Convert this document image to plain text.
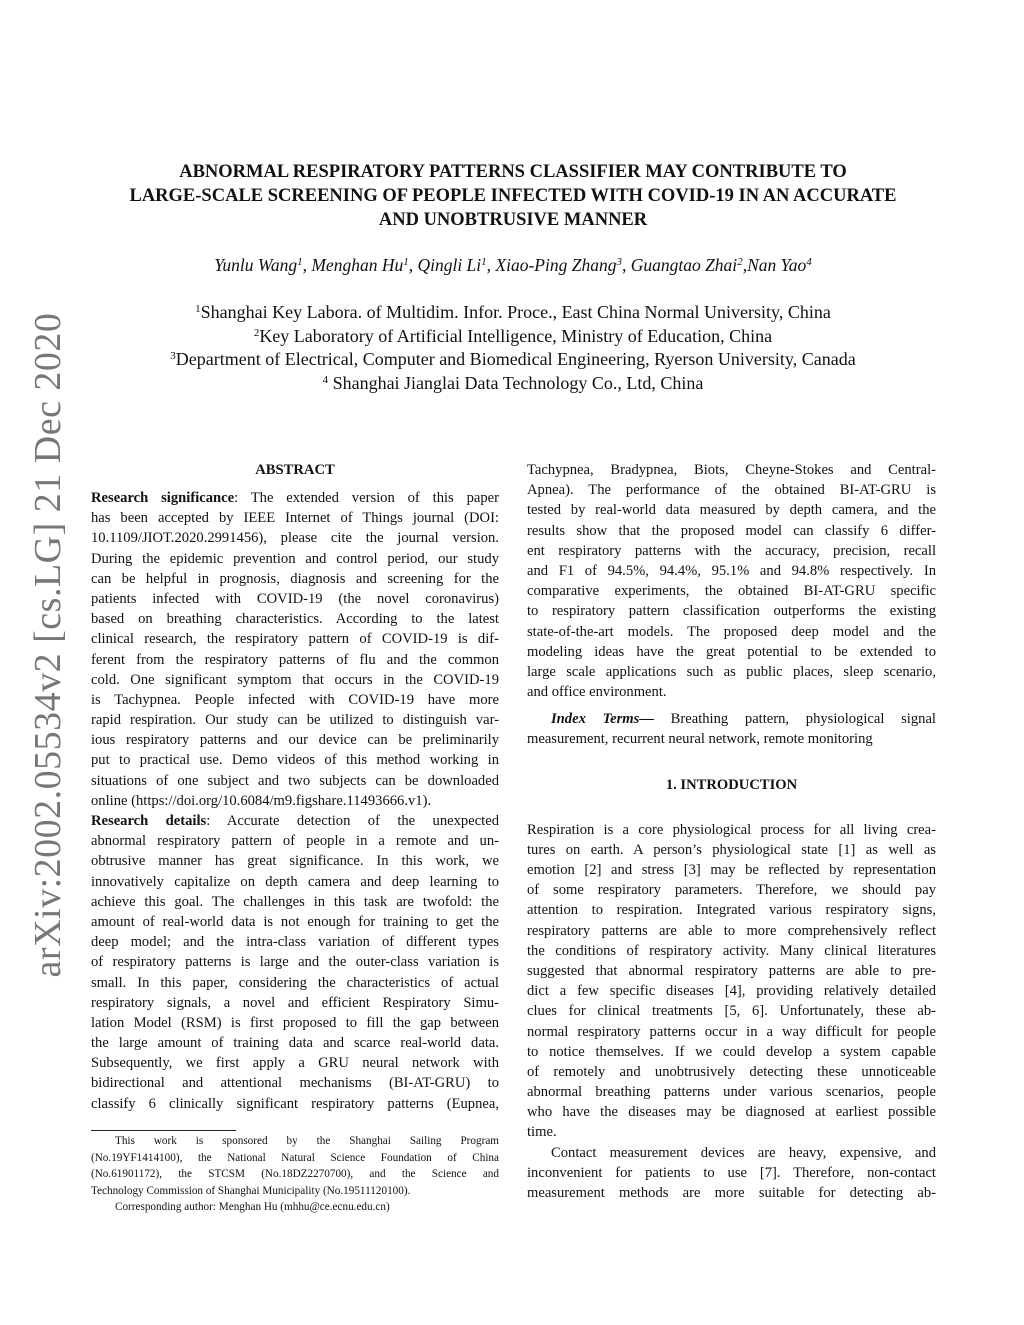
arXiv:2002.05534v2 [cs.LG] 21 Dec 2020
ABNORMAL RESPIRATORY PATTERNS CLASSIFIER MAY CONTRIBUTE TO
LARGE-SCALE SCREENING OF PEOPLE INFECTED WITH COVID-19 IN AN ACCURATE
AND UNOBTRUSIVE MANNER
Yunlu Wang$^1$, Menghan Hu$^1$, Qingli Li$^1$, Xiao-Ping Zhang$^3$, Guangtao Zhai$^2$,Nan Yao$^4$
$^1$Shanghai Key Labora. of Multidim. Infor. Proce., East China Normal University, China
$^2$Key Laboratory of Artificial Intelligence, Ministry of Education, China
$^3$Department of Electrical, Computer and Biomedical Engineering, Ryerson University, Canada
$^4$ Shanghai Jianglai Data Technology Co., Ltd, China
ABSTRACT
Research significance: The extended version of this paper
has been accepted by IEEE Internet of Things journal (DOI:
10.1109/JIOT.2020.2991456), please cite the journal version.
During the epidemic prevention and control period, our study
can be helpful in prognosis, diagnosis and screening for the
patients infected with COVID-19 (the novel coronavirus)
based on breathing characteristics. According to the latest
clinical research, the respiratory pattern of COVID-19 is dif-
ferent from the respiratory patterns of flu and the common
cold. One significant symptom that occurs in the COVID-19
is Tachypnea. People infected with COVID-19 have more
rapid respiration. Our study can be utilized to distinguish var-
ious respiratory patterns and our device can be preliminarily
put to practical use. Demo videos of this method working in
situations of one subject and two subjects can be downloaded
online (https://doi.org/10.6084/m9.figshare.11493666.v1).
Research details: Accurate detection of the unexpected
abnormal respiratory pattern of people in a remote and un-
obtrusive manner has great significance. In this work, we
innovatively capitalize on depth camera and deep learning to
achieve this goal. The challenges in this task are twofold: the
amount of real-world data is not enough for training to get the
deep model; and the intra-class variation of different types
of respiratory patterns is large and the outer-class variation is
small. In this paper, considering the characteristics of actual
respiratory signals, a novel and efficient Respiratory Simu-
lation Model (RSM) is first proposed to fill the gap between
the large amount of training data and scarce real-world data.
Subsequently, we first apply a GRU neural network with
bidirectional and attentional mechanisms (BI-AT-GRU) to
classify 6 clinically significant respiratory patterns (Eupnea,
This work is sponsored by the Shanghai Sailing Program
(No.19YF1414100), the National Natural Science Foundation of China
(No.61901172), the STCSM (No.18DZ2270700), and the Science and
Technology Commission of Shanghai Municipality (No.19511120100).
Corresponding author: Menghan Hu (mhhu@ce.ecnu.edu.cn)
Tachypnea, Bradypnea, Biots, Cheyne-Stokes and Central-
Apnea). The performance of the obtained BI-AT-GRU is
tested by real-world data measured by depth camera, and the
results show that the proposed model can classify 6 differ-
ent respiratory patterns with the accuracy, precision, recall
and F1 of 94.5%, 94.4%, 95.1% and 94.8% respectively. In
comparative experiments, the obtained BI-AT-GRU specific
to respiratory pattern classification outperforms the existing
state-of-the-art models. The proposed deep model and the
modeling ideas have the great potential to be extended to
large scale applications such as public places, sleep scenario,
and office environment.
Index Terms— Breathing pattern, physiological signal
measurement, recurrent neural network, remote monitoring
1. INTRODUCTION
Respiration is a core physiological process for all living crea-
tures on earth. A person’s physiological state [1] as well as
emotion [2] and stress [3] may be reflected by representation
of some respiratory parameters. Therefore, we should pay
attention to respiration. Integrated various respiratory signs,
respiratory patterns are able to more comprehensively reflect
the conditions of respiratory activity. Many clinical literatures
suggested that abnormal respiratory patterns are able to pre-
dict a few specific diseases [4], providing relatively detailed
clues for clinical treatments [5, 6]. Unfortunately, these ab-
normal respiratory patterns occur in a way difficult for people
to notice themselves. If we could develop a system capable
of remotely and unobtrusively detecting these unnoticeable
abnormal breathing patterns under various scenarios, people
who have the diseases may be diagnosed at earliest possible
time.
Contact measurement devices are heavy, expensive, and
inconvenient for patients to use [7]. Therefore, non-contact
measurement methods are more suitable for detecting ab-
